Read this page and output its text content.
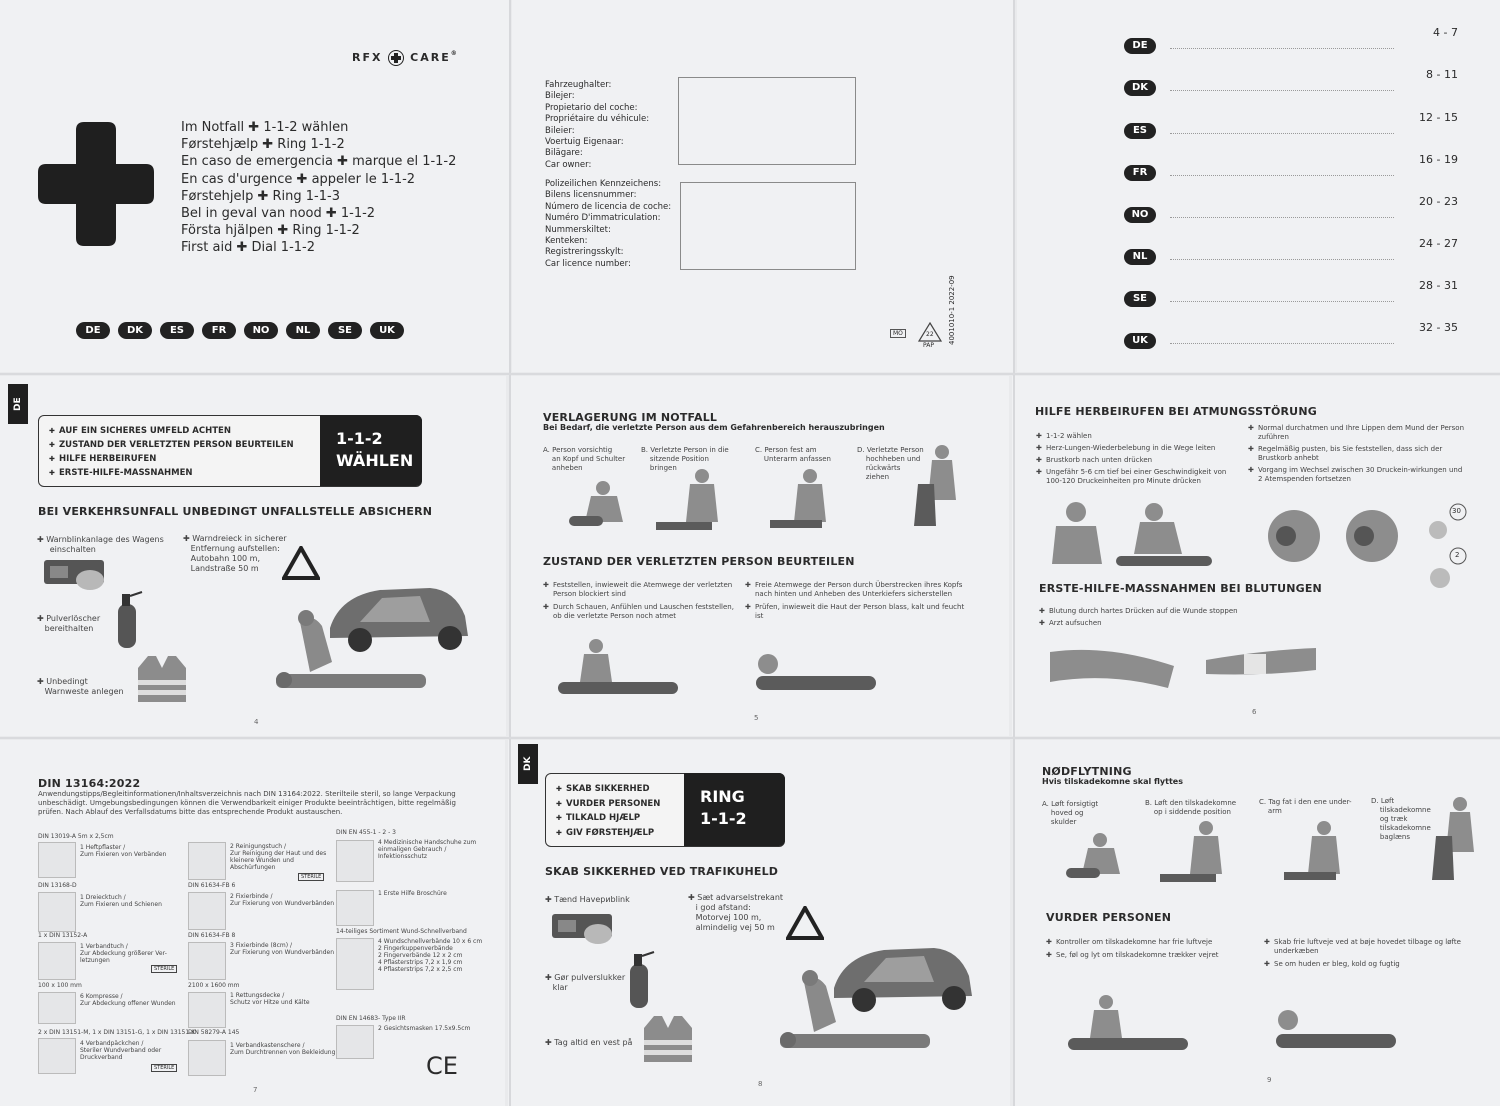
RFX	CARE®
Im Notfall ✚ 1-1-2 wählen
Førstehjælp ✚ Ring 1-1-2
En caso de emergencia ✚ marque el 1-1-2
En cas d'urgence ✚ appeler le 1-1-2
Førstehjelp ✚ Ring 1-1-3
Bel in geval van nood ✚ 1-1-2
Första hjälpen ✚ Ring 1-1-2
First aid ✚ Dial 1-1-2
DE	DK	ES	FR	NO	NL	SE	UK
Fahrzeughalter:
Bilejer:
Propietario del coche:
Propriétaire du véhicule:
Bileier:
Voertuig Eigenaar:
Bilägare:
Car owner:
Polizeilichen Kennzeichens:
Bilens licensnummer:
Número de licencia de coche:
Numéro D'immatriculation:
Nummerskiltet:
Kenteken:
Registreringsskylt:
Car licence number:
MO	22
PAP
4001010-1 2022-09
DE
4 - 7
DK
8 - 11
ES
12 - 15
FR
16 - 19
NO
20 - 23
NL
24 - 27
SE
28 - 31
UK
32 - 35
DE
✚ AUF EIN SICHERES UMFELD ACHTEN
✚ ZUSTAND DER VERLETZTEN PERSON BEURTEILEN
✚ HILFE HERBEIRUFEN
✚ ERSTE-HILFE-MASSNAHMEN
1-1-2
WÄHLEN
BEI VERKEHRSUNFALL UNBEDINGT UNFALLSTELLE ABSICHERN
✚ Warnblinkanlage des Wagens
einschalten
✚ Warndreieck in sicherer
Entfernung aufstellen:
Autobahn 100 m,
Landstraße 50 m
✚ Pulverlöscher
bereithalten
✚ Unbedingt
Warnweste anlegen
4
VERLAGERUNG IM NOTFALL
Bei Bedarf, die verletzte Person aus dem Gefahrenbereich herauszubringen
A. Person vorsichtig
an Kopf und Schulter
anheben
B. Verletzte Person in die
sitzende Position
bringen
C. Person fest am
Unterarm anfassen
D. Verletzte Person
hochheben und
rückwärts
ziehen
ZUSTAND DER VERLETZTEN PERSON BEURTEILEN
✚ Feststellen, inwieweit die Atemwege der verletzten Person blockiert sind
✚ Durch Schauen, Anfühlen und Lauschen feststellen, ob die verletzte Person noch atmet
✚ Freie Atemwege der Person durch Überstrecken ihres Kopfs nach hinten und Anheben des Unterkiefers sicherstellen
✚ Prüfen, inwieweit die Haut der Person blass, kalt und feucht ist
5
HILFE HERBEIRUFEN BEI ATMUNGSSTÖRUNG
✚ 1-1-2 wählen
✚ Herz-Lungen-Wiederbelebung in die Wege leiten
✚ Brustkorb nach unten drücken
✚ Ungefähr 5-6 cm tief bei einer Geschwindigkeit von 100-120 Druckeinheiten pro Minute drücken
✚ Normal durchatmen und Ihre Lippen dem Mund der Person zuführen
✚ Regelmäßig pusten, bis Sie feststellen, dass sich der Brustkorb anhebt
✚ Vorgang im Wechsel zwischen 30 Druckein-wirkungen und 2 Atemspenden fortsetzen
30
2
ERSTE-HILFE-MASSNAHMEN BEI BLUTUNGEN
✚ Blutung durch hartes Drücken auf die Wunde stoppen
✚ Arzt aufsuchen
6
DIN 13164:2022
Anwendungstipps/Begleitinformationen/Inhaltsverzeichnis nach DIN 13164:2022. Sterilteile steril, so lange Verpackung unbeschädigt. Umgebungsbedingungen können die Verwendbarkeit einiger Produkte beeinträchtigen, bitte regelmäßig prüfen. Nach Ablauf des Verfallsdatums bitte das entsprechende Produkt austauschen.
DIN 13019-A 5m x 2,5cm
1 Heftpflaster /
Zum Fixieren von Verbänden
DIN 13168-D
1 Dreiecktuch /
Zum Fixieren und Schienen
1 x DIN 13152-A
1 Verbandtuch /
Zur Abdeckung größerer Ver-
letzungen
100 x 100 mm
6 Kompresse /
Zur Abdeckung offener Wunden
2 x DIN 13151-M, 1 x DIN 13151-G, 1 x DIN 13151-K
4 Verbandpäckchen /
Steriler Wundverband oder
Druckverband
STERILE
STERILE
2 Reinigungstuch /
Zur Reinigung der Haut und des
kleinere Wunden und
Abschürfungen
DIN 61634-FB 6
2 Fixierbinde /
Zur Fixierung von Wundverbänden
DIN 61634-FB 8
3 Fixierbinde (8cm) /
Zur Fixierung von Wundverbänden
2100 x 1600 mm
1 Rettungsdecke /
Schutz vor Hitze und Kälte
DIN 58279-A 145
1 Verbandkastenschere /
Zum Durchtrennen von Bekleidung
STERILE
DIN EN 455-1 - 2 - 3
4 Medizinische Handschuhe zum
einmaligen Gebrauch /
Infektionsschutz
1 Erste Hilfe Broschüre
14-teiliges Sortiment Wund-Schnellverband
4 Wundschnellverbände 10 x 6 cm
2 Fingerkuppenverbände
2 Fingerverbände 12 x 2 cm
4 Pflasterstrips 7,2 x 1,9 cm
4 Pflasterstrips 7,2 x 2,5 cm
DIN EN 14683- Type IIR
2 Gesichtsmasken 17.5x9.5cm
CE
7
DK
✚ SKAB SIKKERHED
✚ VURDER PERSONEN
✚ TILKALD HJÆLP
✚ GIV FØRSTEHJÆLP
RING
1-1-2
SKAB SIKKERHED VED TRAFIKUHELD
✚ Tænd Havериblink	✚ Sæt advarselstrekant
i god afstand:
Motorvej 100 m,
almindelig vej 50 m
✚ Gør pulverslukker
klar
✚ Tag altid en vest på
8
NØDFLYTNING
Hvis tilskadekomne skal flyttes
A. Løft forsigtigt
hoved og
skulder
B. Løft den tilskadekomne
op i siddende position
C. Tag fat i den ene under-
arm
D. Løft
tilskadekomne
og træk
tilskadekomne
baglæns
VURDER PERSONEN
✚ Kontroller om tilskadekomne har frie luftveje
✚ Se, føl og lyt om tilskadekomne trækker vejret
✚ Skab frie luftveje ved at bøje hovedet tilbage og løfte underkæben
✚ Se om huden er bleg, kold og fugtig
9
